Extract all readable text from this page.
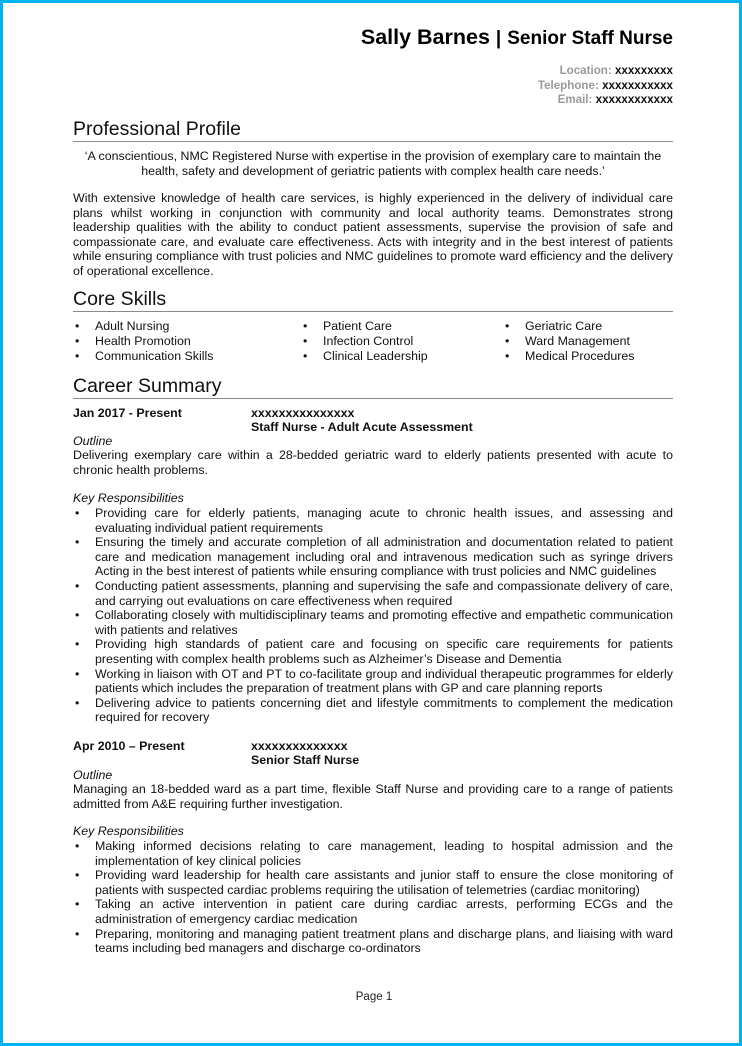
Sally Barnes | Senior Staff Nurse
Location: xxxxxxxxx
Telephone: xxxxxxxxxxx
Email: xxxxxxxxxxxx
Professional Profile
‘A conscientious, NMC Registered Nurse with expertise in the provision of exemplary care to maintain the health, safety and development of geriatric patients with complex health care needs.’
With extensive knowledge of health care services, is highly experienced in the delivery of individual care plans whilst working in conjunction with community and local authority teams. Demonstrates strong leadership qualities with the ability to conduct patient assessments, supervise the provision of safe and compassionate care, and evaluate care effectiveness. Acts with integrity and in the best interest of patients while ensuring compliance with trust policies and NMC guidelines to promote ward efficiency and the delivery of operational excellence.
Core Skills
• Adult Nursing
• Health Promotion
• Communication Skills
• Patient Care
• Infection Control
• Clinical Leadership
• Geriatric Care
• Ward Management
• Medical Procedures
Career Summary
Jan 2017 - Present	xxxxxxxxxxxxxxx
Staff Nurse - Adult Acute Assessment
Outline
Delivering exemplary care within a 28-bedded geriatric ward to elderly patients presented with acute to chronic health problems.
Key Responsibilities
• Providing care for elderly patients, managing acute to chronic health issues, and assessing and evaluating individual patient requirements
• Ensuring the timely and accurate completion of all administration and documentation related to patient care and medication management including oral and intravenous medication such as syringe drivers Acting in the best interest of patients while ensuring compliance with trust policies and NMC guidelines
• Conducting patient assessments, planning and supervising the safe and compassionate delivery of care, and carrying out evaluations on care effectiveness when required
• Collaborating closely with multidisciplinary teams and promoting effective and empathetic communication with patients and relatives
• Providing high standards of patient care and focusing on specific care requirements for patients presenting with complex health problems such as Alzheimer’s Disease and Dementia
• Working in liaison with OT and PT to co-facilitate group and individual therapeutic programmes for elderly patients which includes the preparation of treatment plans with GP and care planning reports
• Delivering advice to patients concerning diet and lifestyle commitments to complement the medication required for recovery
Apr 2010 – Present	xxxxxxxxxxxxxx
Senior Staff Nurse
Outline
Managing an 18-bedded ward as a part time, flexible Staff Nurse and providing care to a range of patients admitted from A&E requiring further investigation.
Key Responsibilities
• Making informed decisions relating to care management, leading to hospital admission and the implementation of key clinical policies
• Providing ward leadership for health care assistants and junior staff to ensure the close monitoring of patients with suspected cardiac problems requiring the utilisation of telemetries (cardiac monitoring)
• Taking an active intervention in patient care during cardiac arrests, performing ECGs and the administration of emergency cardiac medication
• Preparing, monitoring and managing patient treatment plans and discharge plans, and liaising with ward teams including bed managers and discharge co-ordinators
Page 1
